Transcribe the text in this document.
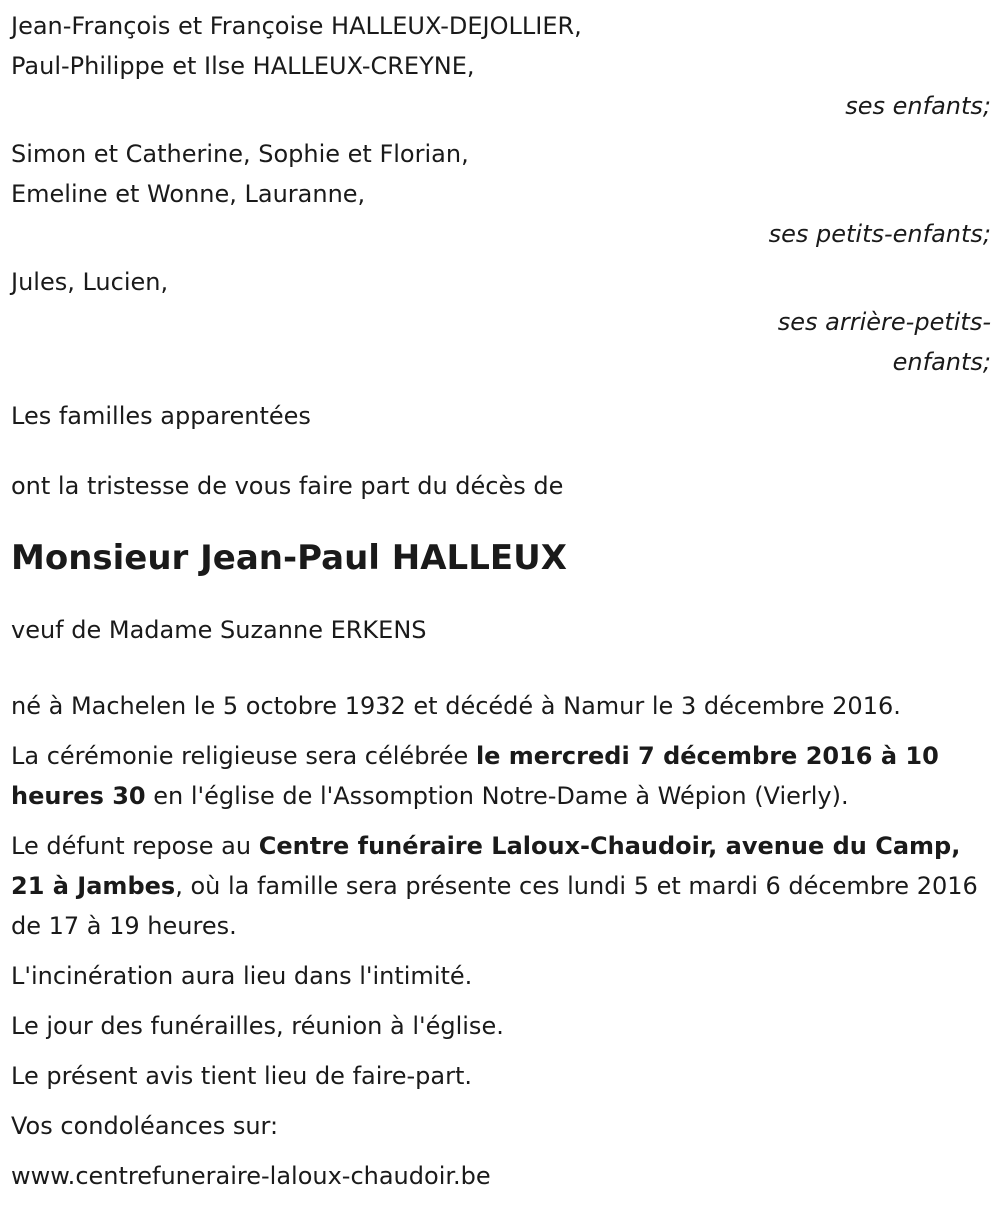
Jean-François et Françoise HALLEUX-DEJOLLIER,
Paul-Philippe et Ilse HALLEUX-CREYNE,
ses enfants;
Simon et Catherine, Sophie et Florian,
Emeline et Wonne, Lauranne,
ses petits-enfants;
Jules, Lucien,
ses arrière-petits-
enfants;
Les familles apparentées
ont la tristesse de vous faire part du décès de
Monsieur Jean-Paul HALLEUX
veuf de Madame Suzanne ERKENS

né à Machelen le 5 octobre 1932 et décédé à Namur le 3 décembre 2016.

La cérémonie religieuse sera célébrée le mercredi 7 décembre 2016 à 10 heures 30 en l'église de l'Assomption Notre-Dame à Wépion (Vierly).

Le défunt repose au Centre funéraire Laloux-Chaudoir, avenue du Camp, 21 à Jambes, où la famille sera présente ces lundi 5 et mardi 6 décembre 2016 de 17 à 19 heures.

L'incinération aura lieu dans l'intimité.

Le jour des funérailles, réunion à l'église.

Le présent avis tient lieu de faire-part.

Vos condoléances sur:

www.centrefuneraire-laloux-chaudoir.be
